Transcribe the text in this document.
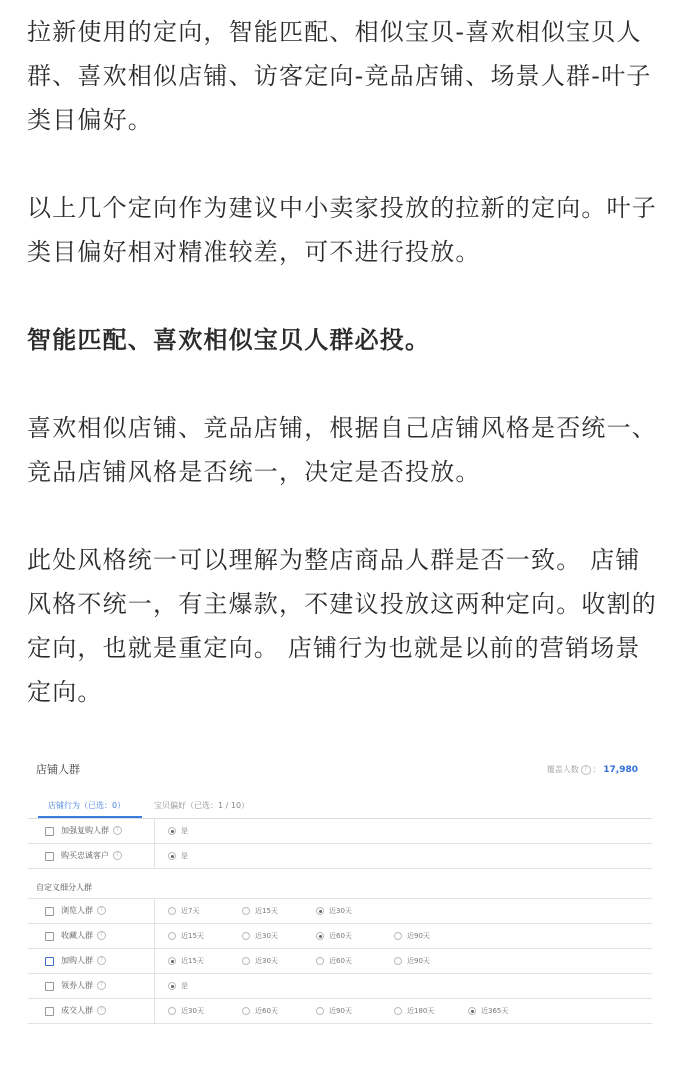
拉新使用的定向，智能匹配、相似宝贝-喜欢相似宝贝人群、喜欢相似店铺、访客定向-竞品店铺、场景人群-叶子类目偏好。

以上几个定向作为建议中小卖家投放的拉新的定向。叶子类目偏好相对精准较差，可不进行投放。

智能匹配、喜欢相似宝贝人群必投。

喜欢相似店铺、竞品店铺，根据自己店铺风格是否统一、竞品店铺风格是否统一，决定是否投放。

此处风格统一可以理解为整店商品人群是否一致。 店铺风格不统一，有主爆款，不建议投放这两种定向。收割的定向，也就是重定向。 店铺行为也就是以前的营销场景定向。

店铺人群	覆盖人数 ? ： 17,980
店铺行为（已选：0）	宝贝偏好（已选：1 / 10）
加强复购人群 ?	是
购买忠诚客户 ?	是
自定义细分人群
浏览人群 ?	近7天	近15天	近30天
收藏人群 ?	近15天	近30天	近60天	近90天
加购人群 ?	近15天	近30天	近60天	近90天
领券人群 ?	是
成交人群 ?	近30天	近60天	近90天	近180天	近365天
